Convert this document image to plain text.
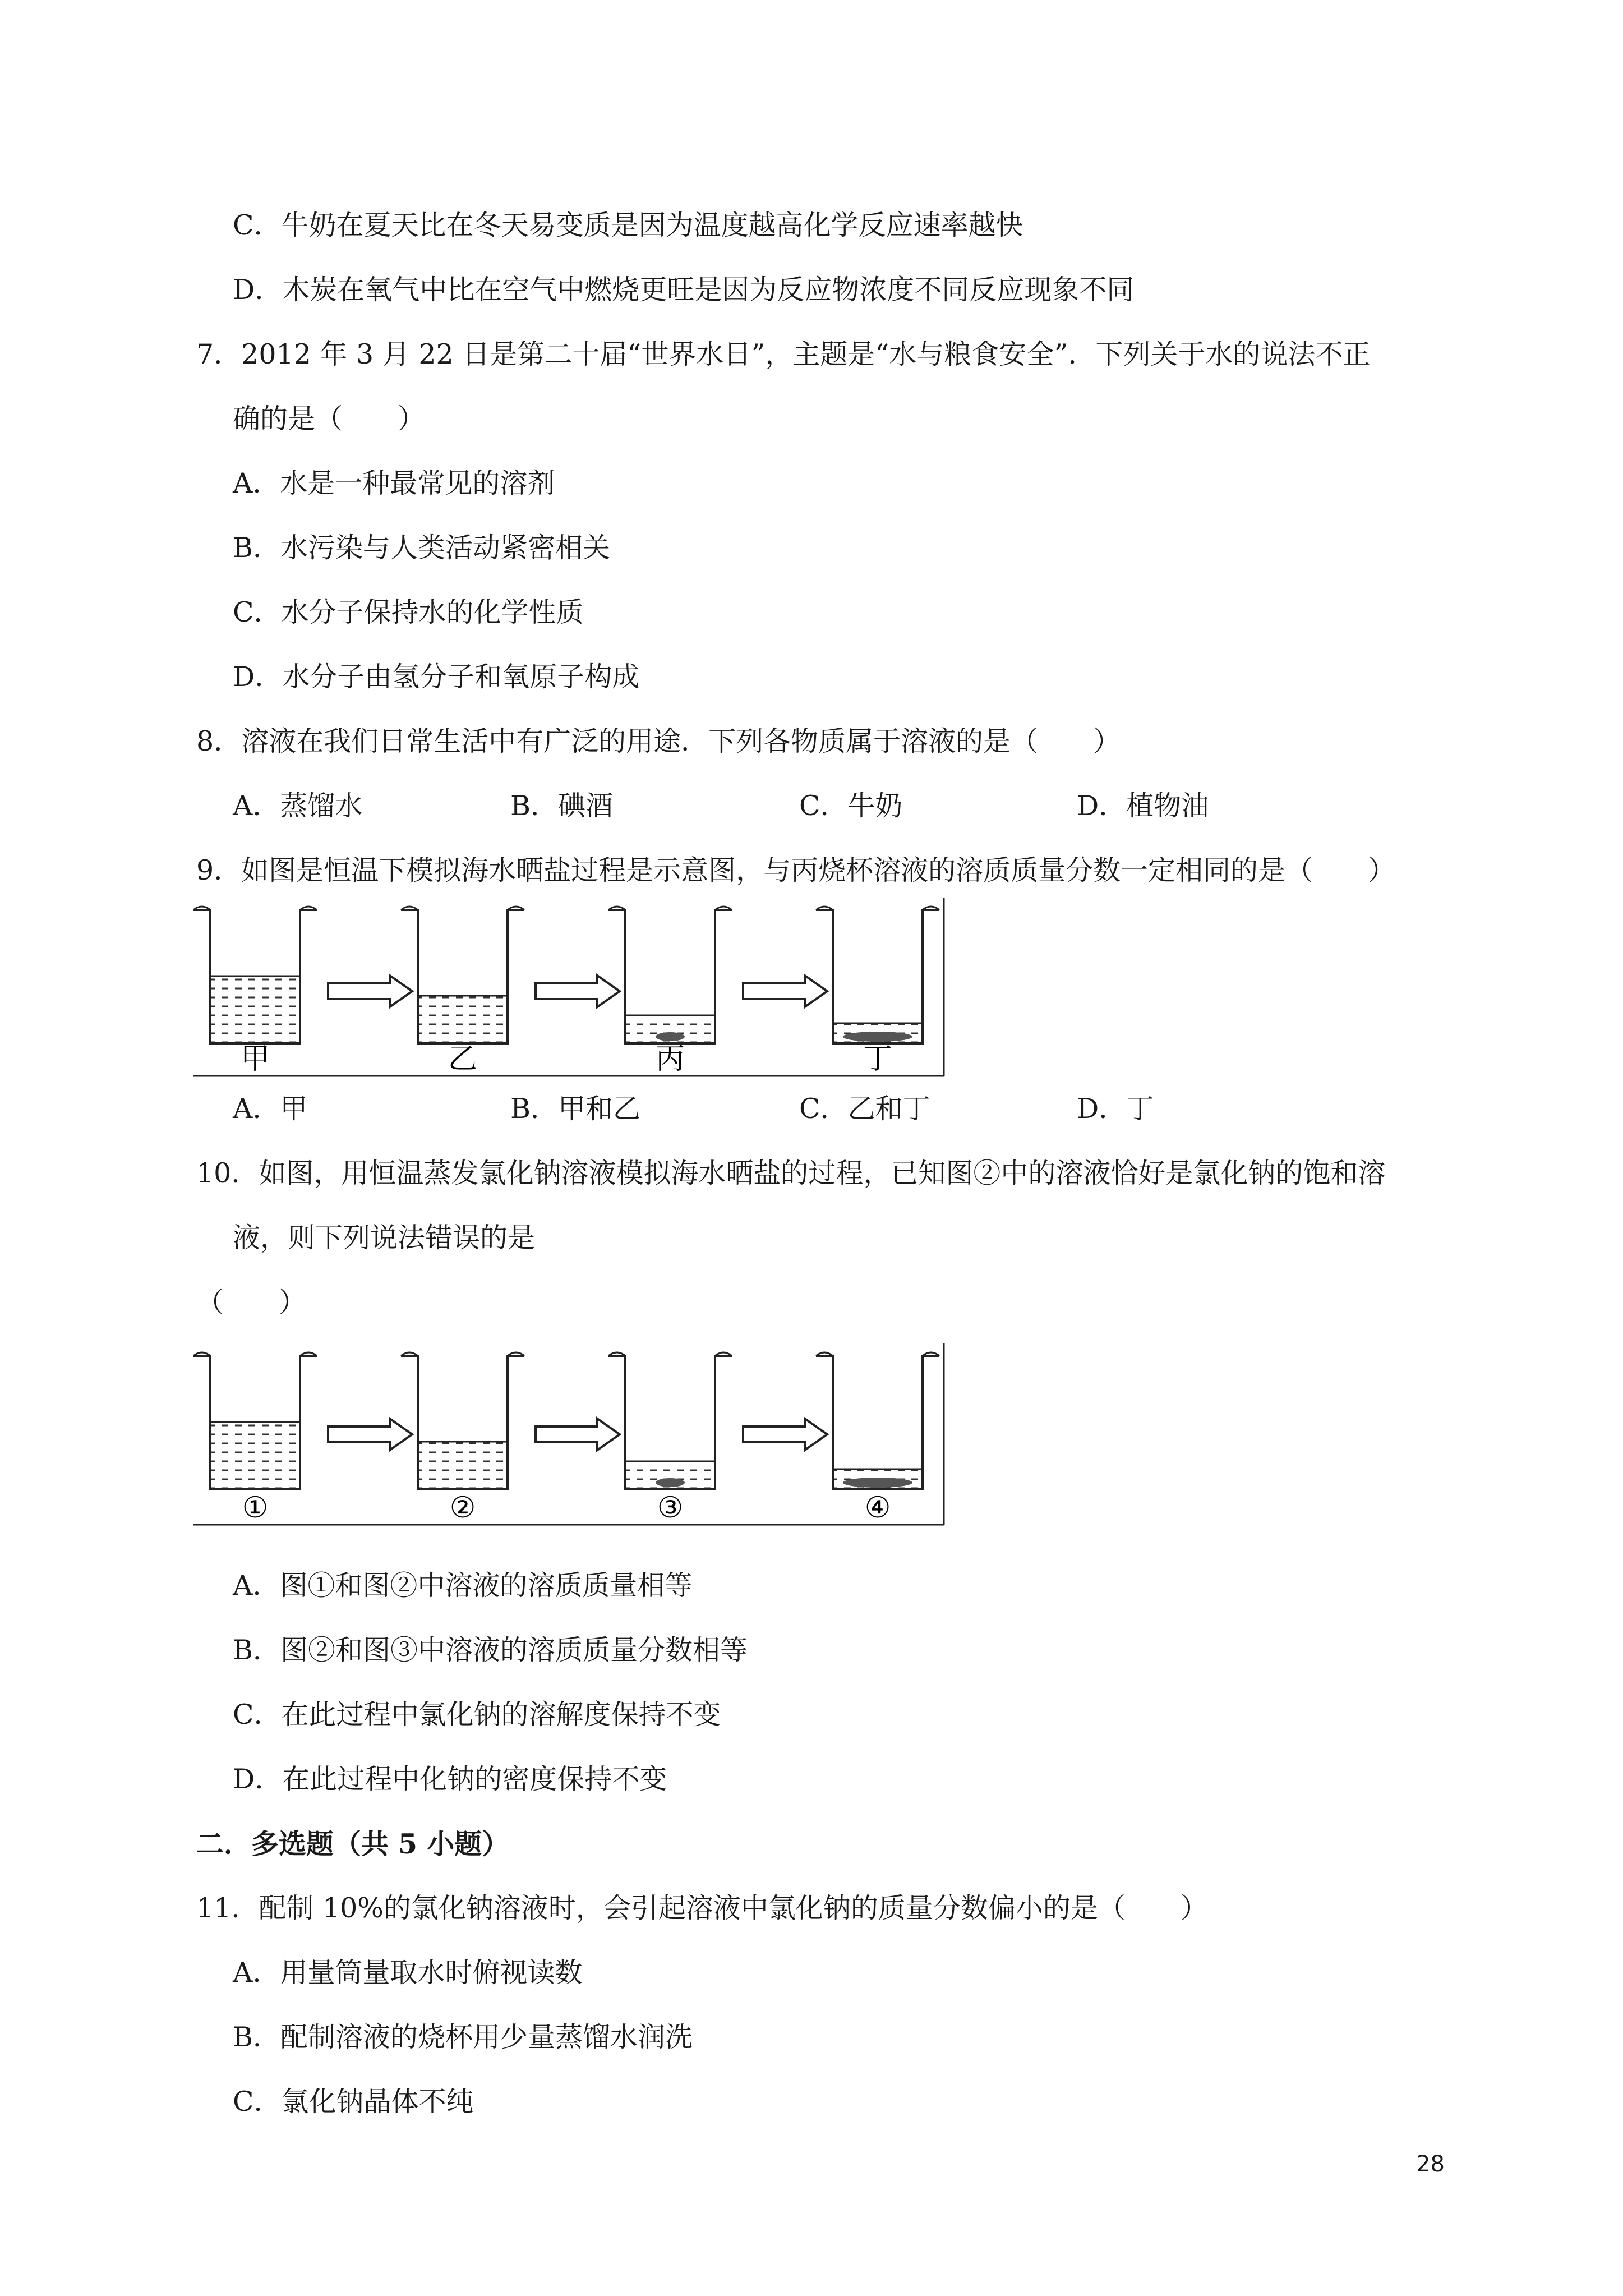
C．牛奶在夏天比在冬天易变质是因为温度越高化学反应速率越快
D．木炭在氧气中比在空气中燃烧更旺是因为反应物浓度不同反应现象不同
7．2012 年 3 月 22 日是第二十届“世界水日”，主题是“水与粮食安全”．下列关于水的说法不正
确的是（　　）
A．水是一种最常见的溶剂
B．水污染与人类活动紧密相关
C．水分子保持水的化学性质
D．水分子由氢分子和氧原子构成
8．溶液在我们日常生活中有广泛的用途．下列各物质属于溶液的是（　　）
A．蒸馏水	B．碘酒	C．牛奶	D．植物油
9．如图是恒温下模拟海水晒盐过程是示意图，与丙烧杯溶液的溶质质量分数一定相同的是（　　）
甲	乙	丙	丁
A．甲	B．甲和乙	C．乙和丁	D．丁
10．如图，用恒温蒸发氯化钠溶液模拟海水晒盐的过程，已知图②中的溶液恰好是氯化钠的饱和溶
液，则下列说法错误的是
（　　）
①	②	③	④
A．图①和图②中溶液的溶质质量相等
B．图②和图③中溶液的溶质质量分数相等
C．在此过程中氯化钠的溶解度保持不变
D．在此过程中化钠的密度保持不变
二．多选题（共 5 小题）
11．配制 10%的氯化钠溶液时，会引起溶液中氯化钠的质量分数偏小的是（　　）
A．用量筒量取水时俯视读数
B．配制溶液的烧杯用少量蒸馏水润洗
C．氯化钠晶体不纯
28
